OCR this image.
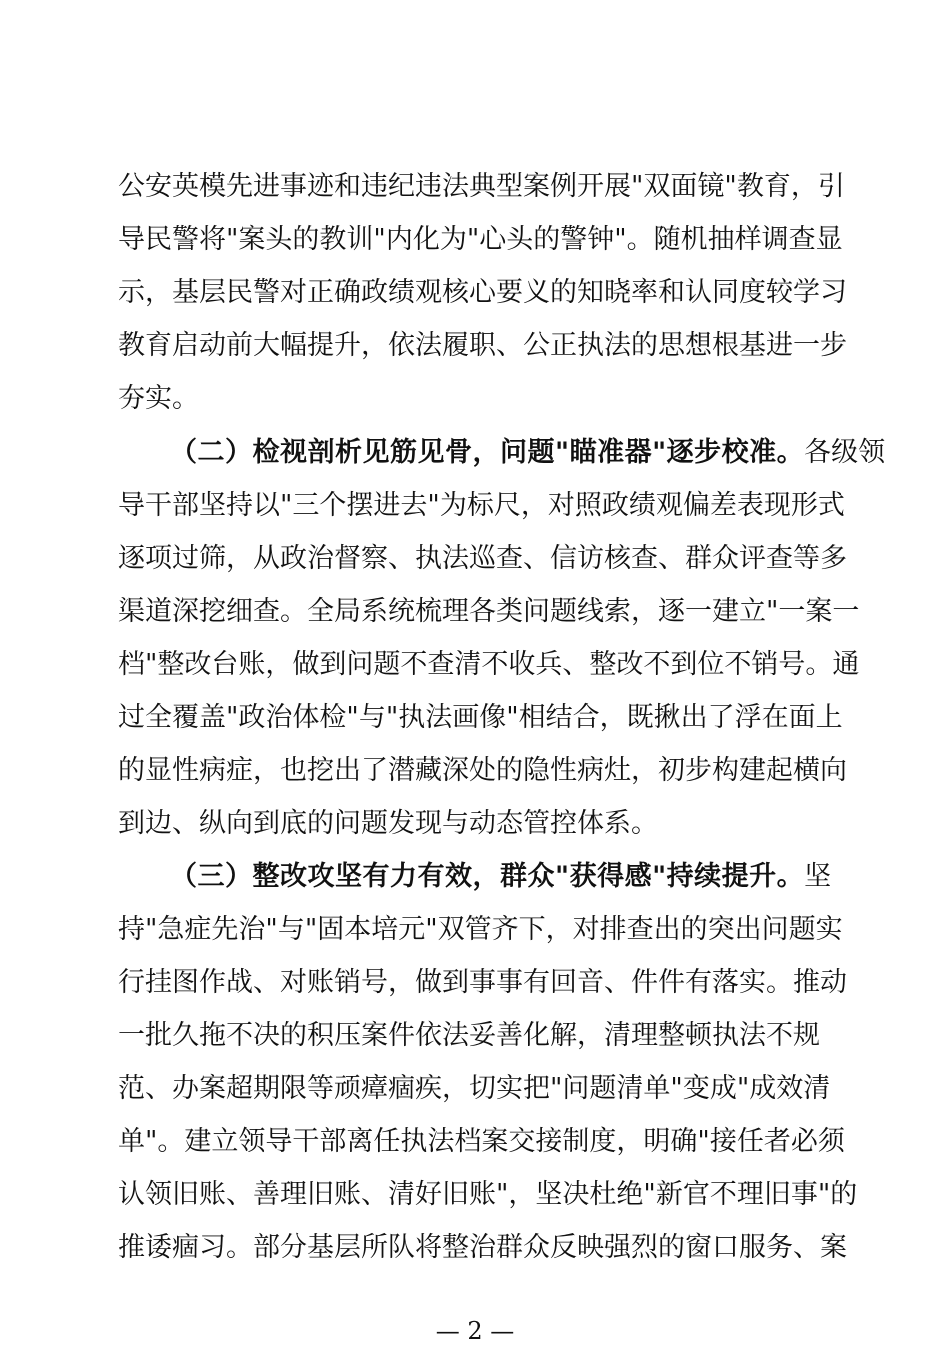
公安英模先进事迹和违纪违法典型案例开展"双面镜"教育，引
导民警将"案头的教训"内化为"心头的警钟"。随机抽样调查显
示，基层民警对正确政绩观核心要义的知晓率和认同度较学习
教育启动前大幅提升，依法履职、公正执法的思想根基进一步
夯实。
（二）检视剖析见筋见骨，问题"瞄准器"逐步校准。 各级领
导干部坚持以"三个摆进去"为标尺，对照政绩观偏差表现形式
逐项过筛，从政治督察、执法巡查、信访核查、群众评查等多
渠道深挖细查。全局系统梳理各类问题线索，逐一建立"一案一
档"整改台账，做到问题不查清不收兵、整改不到位不销号。通
过全覆盖"政治体检"与"执法画像"相结合，既揪出了浮在面上
的显性病症，也挖出了潜藏深处的隐性病灶，初步构建起横向
到边、纵向到底的问题发现与动态管控体系。
（三）整改攻坚有力有效，群众"获得感"持续提升。 坚
持"急症先治"与"固本培元"双管齐下，对排查出的突出问题实
行挂图作战、对账销号，做到事事有回音、件件有落实。推动
一批久拖不决的积压案件依法妥善化解，清理整顿执法不规
范、办案超期限等顽瘴痼疾，切实把"问题清单"变成"成效清
单"。建立领导干部离任执法档案交接制度，明确"接任者必须
认领旧账、善理旧账、清好旧账"，坚决杜绝"新官不理旧事"的
推诿痼习。部分基层所队将整治群众反映强烈的窗口服务、案
— 2 —
